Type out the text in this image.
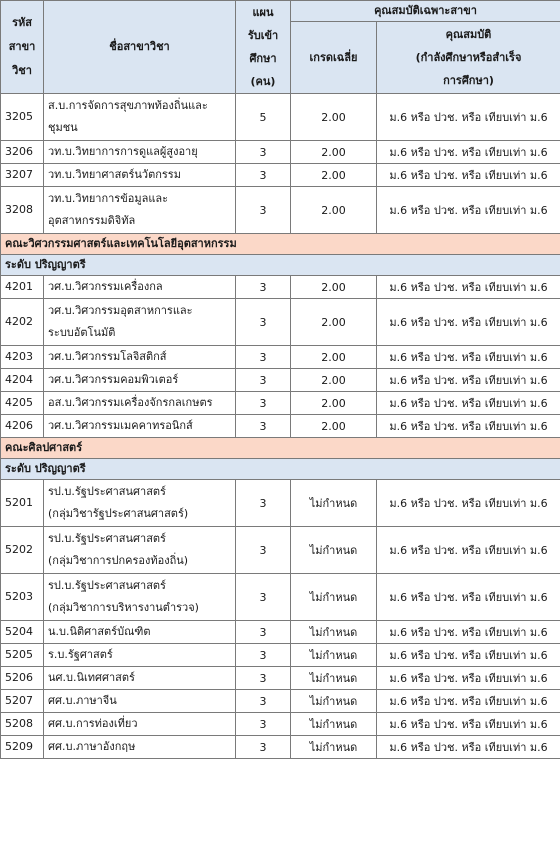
รหัส
สาขา
วิชา	ชื่อสาขาวิชา	แผน
รับเข้า
ศึกษา
(คน)	คุณสมบัติเฉพาะสาขา	
			เกรดเฉลี่ย	คุณสมบัติ
(กำลังศึกษาหรือสำเร็จ
การศึกษา)
3205	ส.บ.การจัดการสุขภาพท้องถิ่นและ
ชุมชน	5	2.00	ม.6 หรือ ปวช. หรือ เทียบเท่า ม.6
3206	วท.บ.วิทยาการการดูแลผู้สูงอายุ	3	2.00	ม.6 หรือ ปวช. หรือ เทียบเท่า ม.6
3207	วท.บ.วิทยาศาสตร์นวัตกรรม	3	2.00	ม.6 หรือ ปวช. หรือ เทียบเท่า ม.6
3208	วท.บ.วิทยาการข้อมูลและ
อุตสาหกรรมดิจิทัล	3	2.00	ม.6 หรือ ปวช. หรือ เทียบเท่า ม.6
คณะวิศวกรรมศาสตร์และเทคโนโลยีอุตสาหกรรม				
ระดับ ปริญญาตรี				
4201	วศ.บ.วิศวกรรมเครื่องกล	3	2.00	ม.6 หรือ ปวช. หรือ เทียบเท่า ม.6
4202	วศ.บ.วิศวกรรมอุตสาหการและ
ระบบอัตโนมัติ	3	2.00	ม.6 หรือ ปวช. หรือ เทียบเท่า ม.6
4203	วศ.บ.วิศวกรรมโลจิสติกส์	3	2.00	ม.6 หรือ ปวช. หรือ เทียบเท่า ม.6
4204	วศ.บ.วิศวกรรมคอมพิวเตอร์	3	2.00	ม.6 หรือ ปวช. หรือ เทียบเท่า ม.6
4205	อส.บ.วิศวกรรมเครื่องจักรกลเกษตร	3	2.00	ม.6 หรือ ปวช. หรือ เทียบเท่า ม.6
4206	วศ.บ.วิศวกรรมเมคคาทรอนิกส์	3	2.00	ม.6 หรือ ปวช. หรือ เทียบเท่า ม.6
คณะศิลปศาสตร์				
ระดับ ปริญญาตรี				
5201	รป.บ.รัฐประศาสนศาสตร์
(กลุ่มวิชารัฐประศาสนศาสตร์)	3	ไม่กำหนด	ม.6 หรือ ปวช. หรือ เทียบเท่า ม.6
5202	รป.บ.รัฐประศาสนศาสตร์
(กลุ่มวิชาการปกครองท้องถิ่น)	3	ไม่กำหนด	ม.6 หรือ ปวช. หรือ เทียบเท่า ม.6
5203	รป.บ.รัฐประศาสนศาสตร์
(กลุ่มวิชาการบริหารงานตำรวจ)	3	ไม่กำหนด	ม.6 หรือ ปวช. หรือ เทียบเท่า ม.6
5204	น.บ.นิติศาสตร์บัณฑิต	3	ไม่กำหนด	ม.6 หรือ ปวช. หรือ เทียบเท่า ม.6
5205	ร.บ.รัฐศาสตร์	3	ไม่กำหนด	ม.6 หรือ ปวช. หรือ เทียบเท่า ม.6
5206	นศ.บ.นิเทศศาสตร์	3	ไม่กำหนด	ม.6 หรือ ปวช. หรือ เทียบเท่า ม.6
5207	ศศ.บ.ภาษาจีน	3	ไม่กำหนด	ม.6 หรือ ปวช. หรือ เทียบเท่า ม.6
5208	ศศ.บ.การท่องเที่ยว	3	ไม่กำหนด	ม.6 หรือ ปวช. หรือ เทียบเท่า ม.6
5209	ศศ.บ.ภาษาอังกฤษ	3	ไม่กำหนด	ม.6 หรือ ปวช. หรือ เทียบเท่า ม.6
